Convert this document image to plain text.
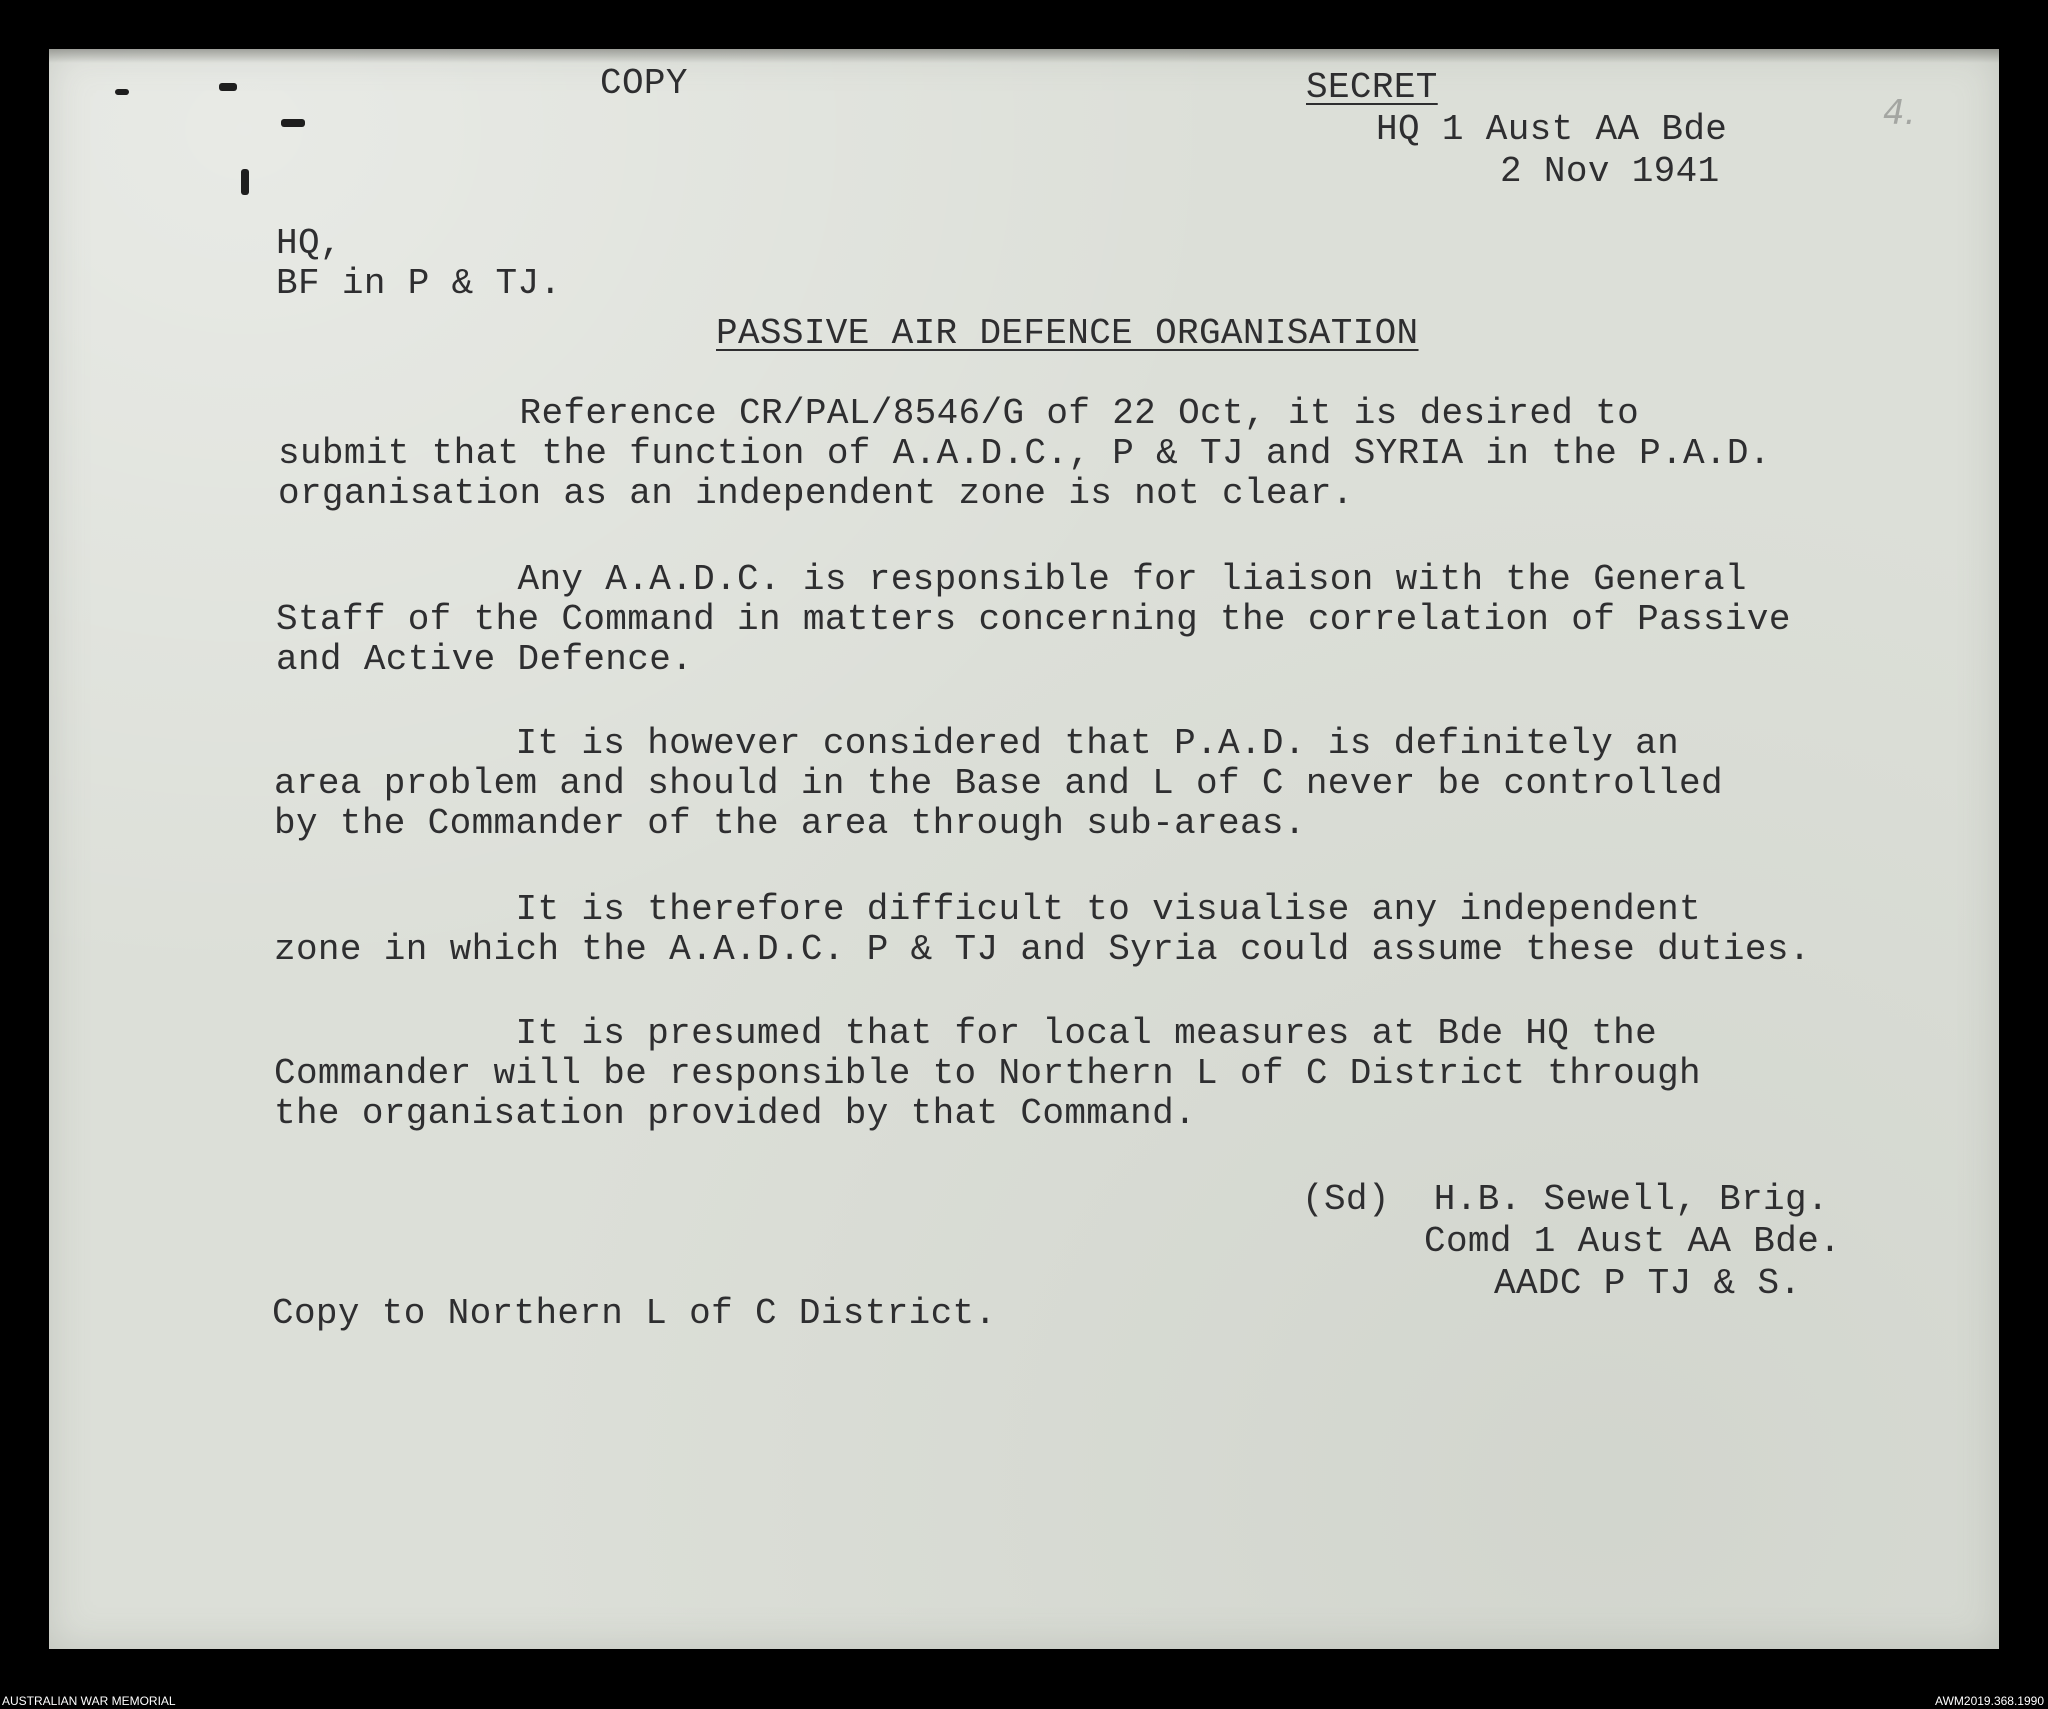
4.
COPY	SECRET
HQ 1 Aust AA Bde
2 Nov 1941
HQ,
BF in P & TJ.
PASSIVE AIR DEFENCE ORGANISATION
Reference CR/PAL/8546/G of 22 Oct, it is desired to
submit that the function of A.A.D.C., P & TJ and SYRIA in the P.A.D.
organisation as an independent zone is not clear.
Any A.A.D.C. is responsible for liaison with the General
Staff of the Command in matters concerning the correlation of Passive
and Active Defence.
It is however considered that P.A.D. is definitely an
area problem and should in the Base and L of C never be controlled
by the Commander of the area through sub-areas.
It is therefore difficult to visualise any independent
zone in which the A.A.D.C. P & TJ and Syria could assume these duties.
It is presumed that for local measures at Bde HQ the
Commander will be responsible to Northern L of C District through
the organisation provided by that Command.
(Sd)  H.B. Sewell, Brig.
Comd 1 Aust AA Bde.
AADC P TJ & S.
Copy to Northern L of C District.
AUSTRALIAN WAR MEMORIAL	AWM2019.368.1990
